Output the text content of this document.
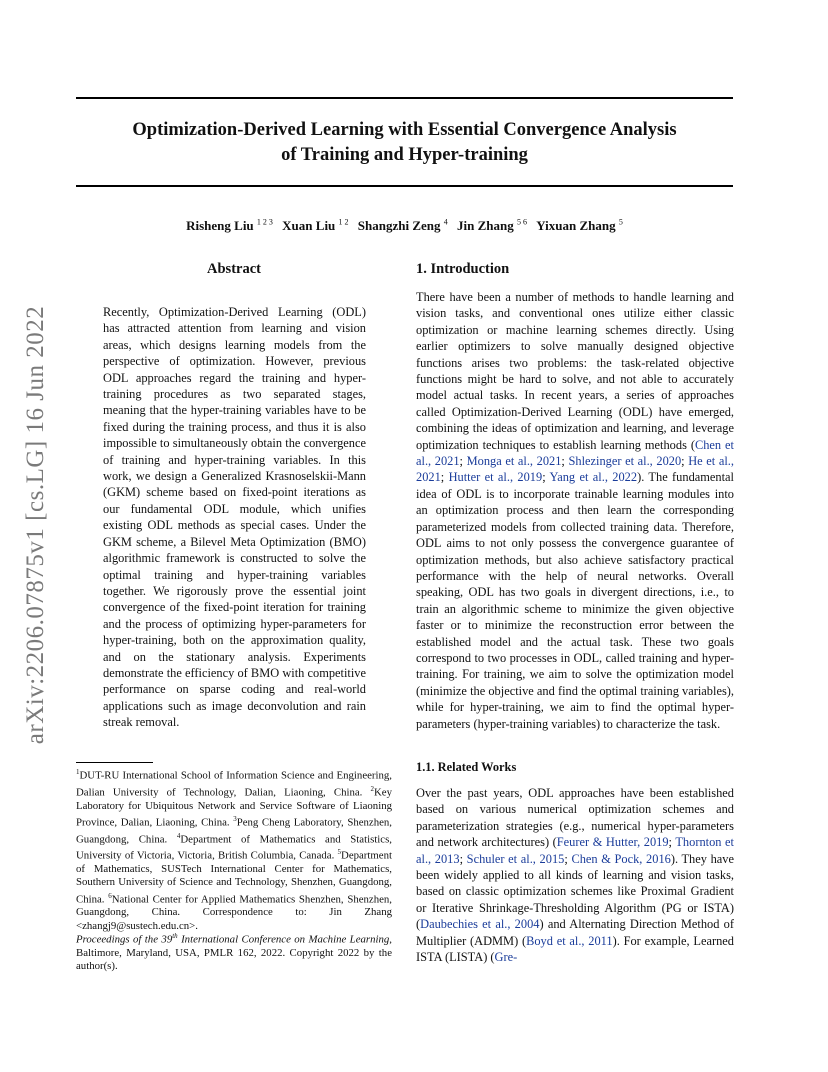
Optimization-Derived Learning with Essential Convergence Analysis
of Training and Hyper-training
Risheng Liu $^{1 2 3}$ Xuan Liu $^{1 2}$ Shangzhi Zeng $^4$ Jin Zhang $^{5 6}$ Yixuan Zhang $^5$
arXiv:2206.07875v1 [cs.LG] 16 Jun 2022
Abstract

Recently, Optimization-Derived Learning (ODL) has attracted attention from learning and vision areas, which designs learning models from the perspective of optimization. However, previous ODL approaches regard the training and hyper-training procedures as two separated stages, meaning that the hyper-training variables have to be fixed during the training process, and thus it is also impossible to simultaneously obtain the convergence of training and hyper-training variables. In this work, we design a Generalized Krasnoselskii-Mann (GKM) scheme based on fixed-point iterations as our fundamental ODL module, which unifies existing ODL methods as special cases. Under the GKM scheme, a Bilevel Meta Optimization (BMO) algorithmic framework is constructed to solve the optimal training and hyper-training variables together. We rigorously prove the essential joint convergence of the fixed-point iteration for training and the process of optimizing hyper-parameters for hyper-training, both on the approximation quality, and on the stationary analysis. Experiments demonstrate the efficiency of BMO with competitive performance on sparse coding and real-world applications such as image deconvolution and rain streak removal.

$^1$DUT-RU International School of Information Science and Engineering, Dalian University of Technology, Dalian, Liaoning, China. $^2$Key Laboratory for Ubiquitous Network and Service Software of Liaoning Province, Dalian, Liaoning, China. $^3$Peng Cheng Laboratory, Shenzhen, Guangdong, China. $^4$Department of Mathematics and Statistics, University of Victoria, Victoria, British Columbia, Canada. $^5$Department of Mathematics, SUSTech International Center for Mathematics, Southern University of Science and Technology, Shenzhen, Guangdong, China. $^6$National Center for Applied Mathematics Shenzhen, Shenzhen, Guangdong, China. Correspondence to: Jin Zhang <zhangj9@sustech.edu.cn>.

Proceedings of the 39th International Conference on Machine Learning, Baltimore, Maryland, USA, PMLR 162, 2022. Copyright 2022 by the author(s).

1. Introduction

There have been a number of methods to handle learning and vision tasks, and conventional ones utilize either classic optimization or machine learning schemes directly. Using earlier optimizers to solve manually designed objective functions arises two problems: the task-related objective functions might be hard to solve, and not able to accurately model actual tasks. In recent years, a series of approaches called Optimization-Derived Learning (ODL) have emerged, combining the ideas of optimization and learning, and leverage optimization techniques to establish learning methods (Chen et al., 2021; Monga et al., 2021; Shlezinger et al., 2020; He et al., 2021; Hutter et al., 2019; Yang et al., 2022). The fundamental idea of ODL is to incorporate trainable learning modules into an optimization process and then learn the corresponding parameterized models from collected training data. Therefore, ODL aims to not only possess the convergence guarantee of optimization methods, but also achieve satisfactory practical performance with the help of neural networks. Overall speaking, ODL has two goals in divergent directions, i.e., to train an algorithmic scheme to minimize the given objective faster or to minimize the reconstruction error between the established model and the actual task. These two goals correspond to two processes in ODL, called training and hyper-training. For training, we aim to solve the optimization model (minimize the objective and find the optimal training variables), while for hyper-training, we aim to find the optimal hyper-parameters (hyper-training variables) to characterize the task.

1.1. Related Works

Over the past years, ODL approaches have been established based on various numerical optimization schemes and parameterization strategies (e.g., numerical hyper-parameters and network architectures) (Feurer & Hutter, 2019; Thornton et al., 2013; Schuler et al., 2015; Chen & Pock, 2016). They have been widely applied to all kinds of learning and vision tasks, based on classic optimization schemes like Proximal Gradient or Iterative Shrinkage-Thresholding Algorithm (PG or ISTA) (Daubechies et al., 2004) and Alternating Direction Method of Multiplier (ADMM) (Boyd et al., 2011). For example, Learned ISTA (LISTA) (Gre-
